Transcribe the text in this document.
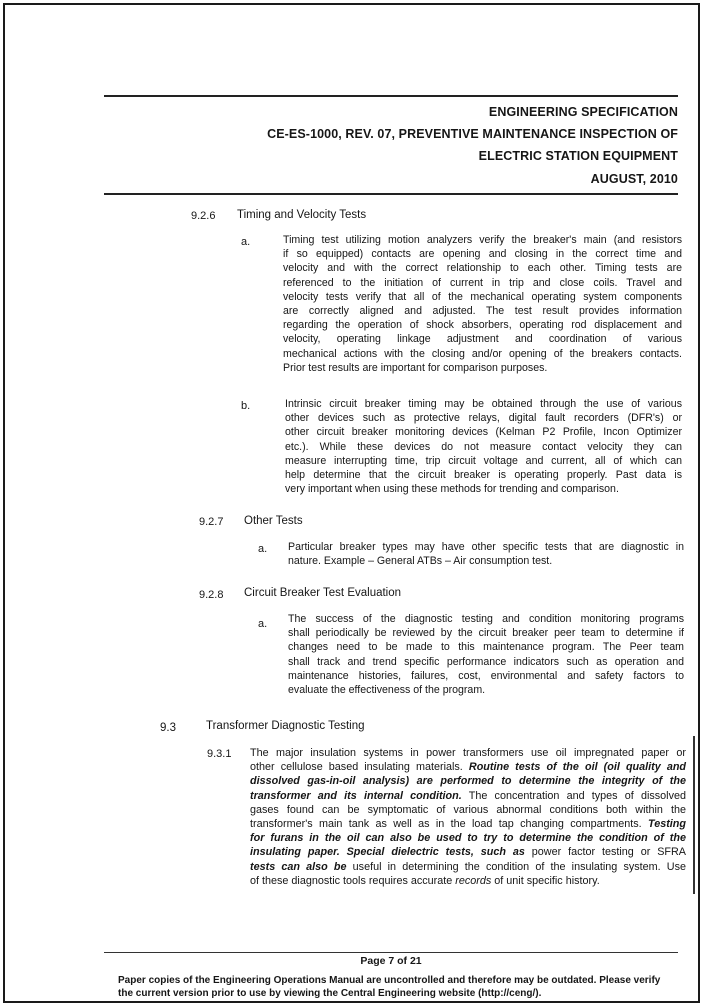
ENGINEERING SPECIFICATION
CE-ES-1000, REV. 07, PREVENTIVE MAINTENANCE INSPECTION OF
ELECTRIC STATION EQUIPMENT
AUGUST, 2010
9.2.6 Timing and Velocity Tests
a.	Timing test utilizing motion analyzers verify the breaker's main (and resistors
if so equipped) contacts are opening and closing in the correct time and
velocity and with the correct relationship to each other. Timing tests are
referenced to the initiation of current in trip and close coils. Travel and
velocity tests verify that all of the mechanical operating system components
are correctly aligned and adjusted. The test result provides information
regarding the operation of shock absorbers, operating rod displacement and
velocity, operating linkage adjustment and coordination of various
mechanical actions with the closing and/or opening of the breakers contacts.
Prior test results are important for comparison purposes.
b.	Intrinsic circuit breaker timing may be obtained through the use of various
other devices such as protective relays, digital fault recorders (DFR's) or
other circuit breaker monitoring devices (Kelman P2 Profile, Incon Optimizer
etc.). While these devices do not measure contact velocity they can
measure interrupting time, trip circuit voltage and current, all of which can
help determine that the circuit breaker is operating properly. Past data is
very important when using these methods for trending and comparison.
9.2.7 Other Tests
a. Particular breaker types may have other specific tests that are diagnostic in
nature. Example – General ATBs – Air consumption test.
9.2.8 Circuit Breaker Test Evaluation
a. The success of the diagnostic testing and condition monitoring programs
shall periodically be reviewed by the circuit breaker peer team to determine if
changes need to be made to this maintenance program. The Peer team
shall track and trend specific performance indicators such as operation and
maintenance histories, failures, cost, environmental and safety factors to
evaluate the effectiveness of the program.
9.3	Transformer Diagnostic Testing
9.3.1 The major insulation systems in power transformers use oil impregnated paper or
other cellulose based insulating materials. Routine tests of the oil (oil quality and
dissolved gas-in-oil analysis) are performed to determine the integrity of the
transformer and its internal condition. The concentration and types of dissolved
gases found can be symptomatic of various abnormal conditions both within the
transformer's main tank as well as in the load tap changing compartments. Testing
for furans in the oil can also be used to try to determine the condition of the
insulating paper. Special dielectric tests, such as power factor testing or SFRA
tests can also be useful in determining the condition of the insulating system. Use
of these diagnostic tools requires accurate records of unit specific history.
Page 7 of 21
Paper copies of the Engineering Operations Manual are uncontrolled and therefore may be outdated. Please verify
the current version prior to use by viewing the Central Engineering website (http://ceng/).
